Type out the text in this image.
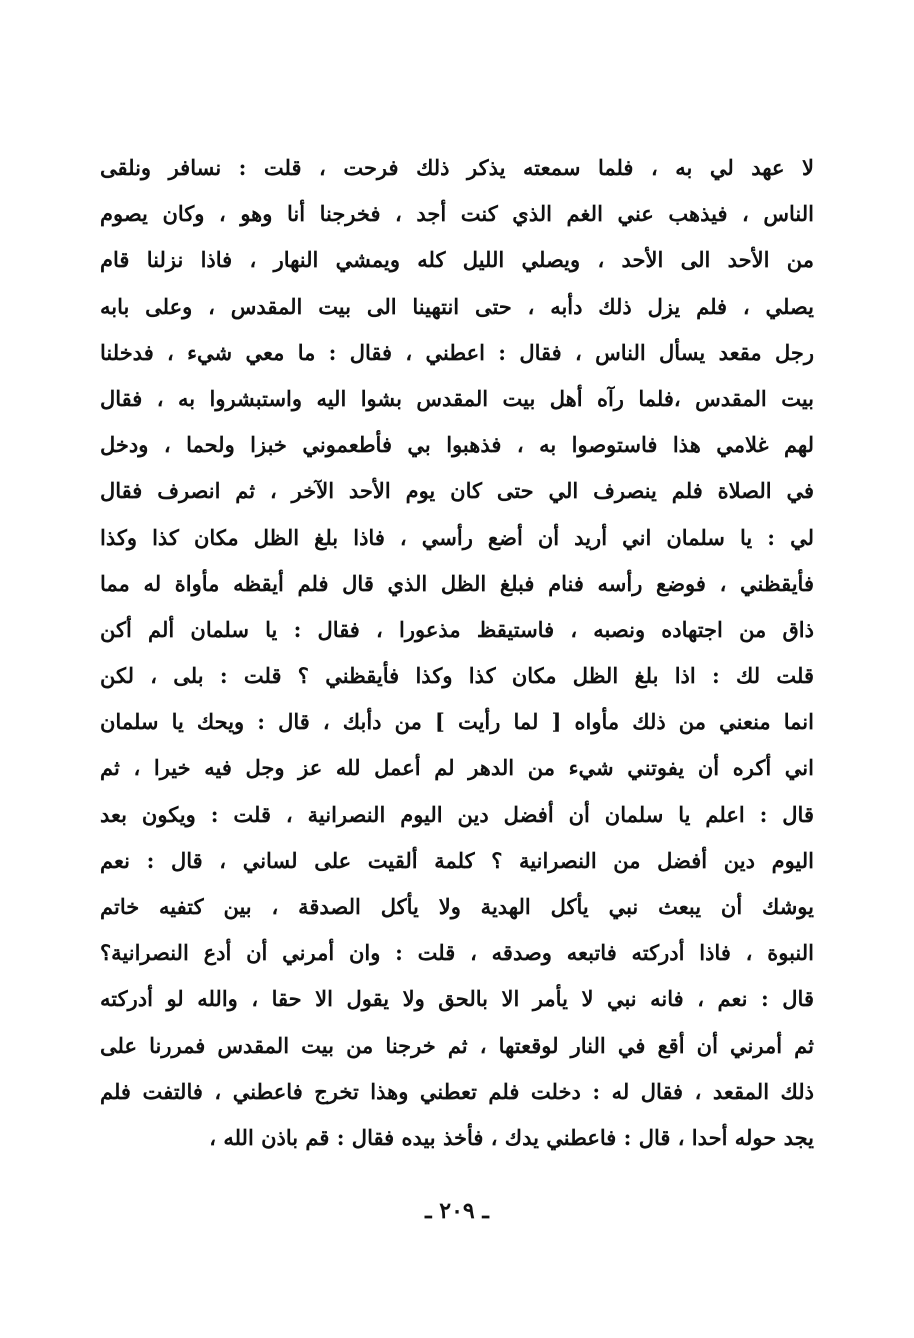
لا عهد لي به ، فلما سمعته يذكر ذلك فرحت ، قلت : نسافر ونلقى
الناس ، فيذهب عني الغم الذي كنت أجد ، فخرجنا أنا وهو ، وكان يصوم
من الأحد الى الأحد ، ويصلي الليل كله ويمشي النهار ، فاذا نزلنا قام
يصلي ، فلم يزل ذلك دأبه ، حتى انتهينا الى بيت المقدس ، وعلى بابه
رجل مقعد يسأل الناس ، فقال : اعطني ، فقال : ما معي شيء ، فدخلنا
بيت المقدس ،فلما رآه أهل بيت المقدس بشوا اليه واستبشروا به ، فقال
لهم غلامي هذا فاستوصوا به ، فذهبوا بي فأطعموني خبزا ولحما ، ودخل
في الصلاة فلم ينصرف الي حتى كان يوم الأحد الآخر ، ثم انصرف فقال
لي : يا سلمان اني أريد أن أضع رأسي ، فاذا بلغ الظل مكان كذا وكذا
فأيقظني ، فوضع رأسه فنام فبلغ الظل الذي قال فلم أيقظه مأواة له مما
ذاق من اجتهاده ونصبه ، فاستيقظ مذعورا ، فقال : يا سلمان ألم أكن
قلت لك : اذا بلغ الظل مكان كذا وكذا فأيقظني ؟ قلت : بلى ، لكن
انما منعني من ذلك مأواه [ لما رأيت ] من دأبك ، قال : ويحك يا سلمان
اني أكره أن يفوتني شيء من الدهر لم أعمل لله عز وجل فيه خيرا ، ثم
قال : اعلم يا سلمان أن أفضل دين اليوم النصرانية ، قلت : ويكون بعد
اليوم دين أفضل من النصرانية ؟ كلمة ألقيت على لساني ، قال : نعم
يوشك أن يبعث نبي يأكل الهدية ولا يأكل الصدقة ، بين كتفيه خاتم
النبوة ، فاذا أدركته فاتبعه وصدقه ، قلت : وان أمرني أن أدع النصرانية؟
قال : نعم ، فانه نبي لا يأمر الا بالحق ولا يقول الا حقا ، والله لو أدركته
ثم أمرني أن أقع في النار لوقعتها ، ثم خرجنا من بيت المقدس فمررنا على
ذلك المقعد ، فقال له : دخلت فلم تعطني وهذا تخرج فاعطني ، فالتفت فلم
يجد حوله أحدا ، قال : فاعطني يدك ، فأخذ بيده فقال : قم باذن الله ،
ـ ٢٠٩ ـ
